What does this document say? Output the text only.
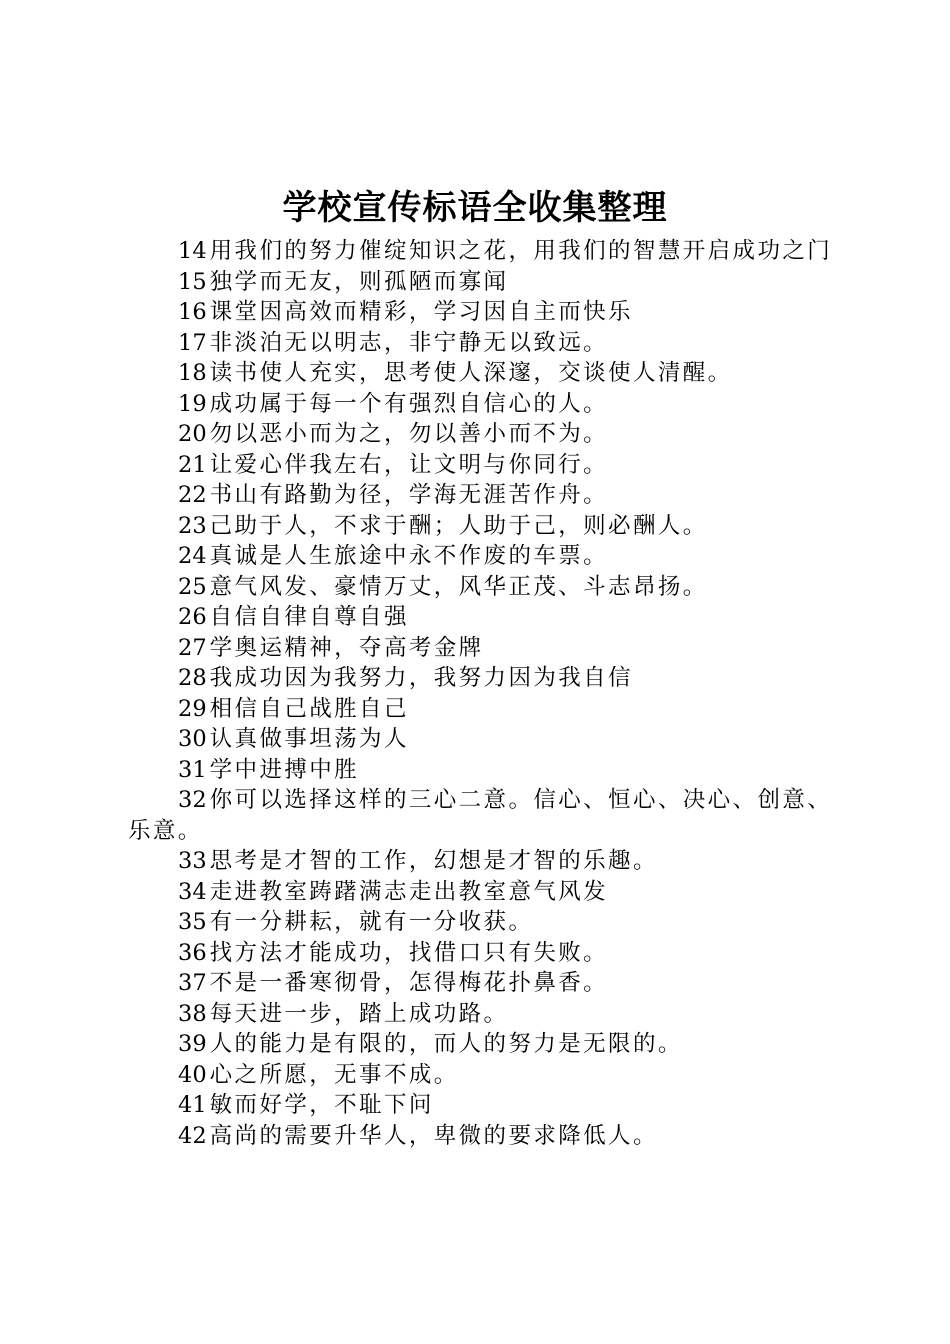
学校宣传标语全收集整理

14 用我们的努力催绽知识之花，用我们的智慧开启成功之门

15 独学而无友，则孤陋而寡闻

16 课堂因高效而精彩，学习因自主而快乐

17 非淡泊无以明志，非宁静无以致远。

18 读书使人充实，思考使人深邃，交谈使人清醒。

19 成功属于每一个有强烈自信心的人。

20 勿以恶小而为之，勿以善小而不为。

21 让爱心伴我左右，让文明与你同行。

22 书山有路勤为径，学海无涯苦作舟。

23 己助于人，不求于酬；人助于己，则必酬人。

24 真诚是人生旅途中永不作废的车票。

25 意气风发、豪情万丈，风华正茂、斗志昂扬。

26 自信自律自尊自强

27 学奥运精神，夺高考金牌

28 我成功因为我努力，我努力因为我自信

29 相信自己战胜自己

30 认真做事坦荡为人

31 学中进搏中胜

32 你可以选择这样的三心二意。信心、恒心、决心、创意、乐意。

33 思考是才智的工作，幻想是才智的乐趣。

34 走进教室踌躇满志走出教室意气风发

35 有一分耕耘，就有一分收获。

36 找方法才能成功，找借口只有失败。

37 不是一番寒彻骨，怎得梅花扑鼻香。

38 每天进一步，踏上成功路。

39 人的能力是有限的，而人的努力是无限的。

40 心之所愿，无事不成。

41 敏而好学，不耻下问

42 高尚的需要升华人，卑微的要求降低人。
